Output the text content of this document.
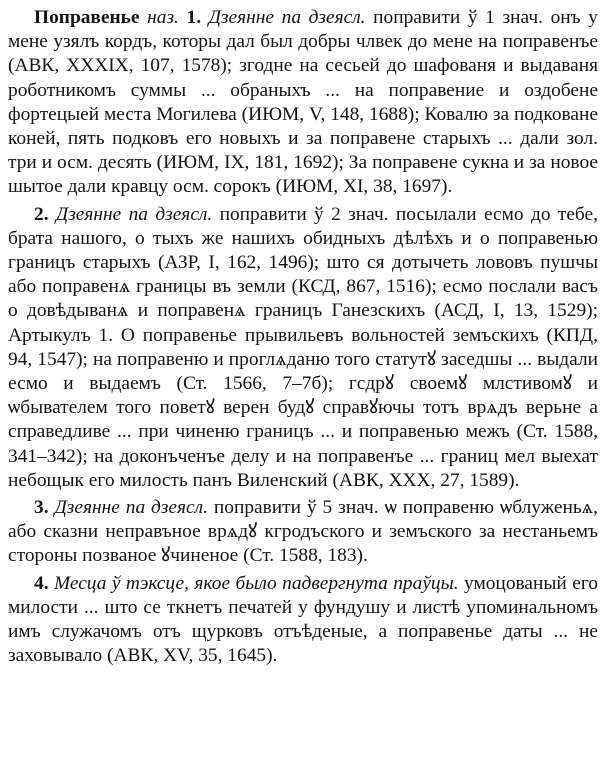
Поправенье наз. 1. Дзеянне па дзеясл. поправити ў 1 знач. онъ у мене узялъ кордъ, которы дал был добры члвек до мене на поправенъе (АВК, XXXIX, 107, 1578); згодне на сесьей до шафованя и выдаваня роботникомъ суммы ... обраныхъ ... на поправение и оздобене фортецыей места Могилева (ИЮМ, V, 148, 1688); Ковалю за подковане коней, пять подковъ его новыхъ и за поправене старыхъ ... дали зол. три и осм. десять (ИЮМ, IX, 181, 1692); За поправене сукна и за новое шытое дали кравцу осм. сорокъ (ИЮМ, XI, 38, 1697).

2. Дзеянне па дзеясл. поправити ў 2 знач. посылали есмо до тебе, брата нашого, о тыхъ же нашихъ обидныхъ дѣлѣхъ и о поправенью границъ старыхъ (АЗР, I, 162, 1496); што ся дотычеть лововъ пушчы або поправенѧ границы въ земли (КСД, 867, 1516); есмо послали васъ о довѣдыванѧ и поправенѧ границъ Ганезскихъ (АСД, I, 13, 1529); Артыкулъ 1. О поправенье прывильевъ вольностей земъскихъ (КПД, 94, 1547); на поправеню и проглѧданю того статутꙋ заседшы ... выдали есмо и выдаемъ (Ст. 1566, 7–7б); гсдрꙋ своемꙋ млстивомꙋ и ѡбывателем того поветꙋ верен будꙋ справꙋючы тотъ врѧдъ верьне а справедливе ... при чиненю границъ ... и поправенью межъ (Ст. 1588, 341–342); на доконъченъе делу и на поправенъе ... границ мел выехат небощык его милость панъ Виленский (АВК, XXX, 27, 1589).

3. Дзеянне па дзеясл. поправити ў 5 знач. ѡ поправеню ѡблуженьѧ, або сказни неправъное врѧдꙋ кгродъского и земъского за нестаньемъ стороны позваное ꙋчиненое (Ст. 1588, 183).

4. Месца ў тэксце, якое было падвергнута праўцы. умоцованый его милости ... што се ткнетъ печатей у фундушу и листѣ упоминальномъ имъ служачомъ отъ щурковъ отъѣденые, а поправенье даты ... не заховывало (АВК, XV, 35, 1645).
